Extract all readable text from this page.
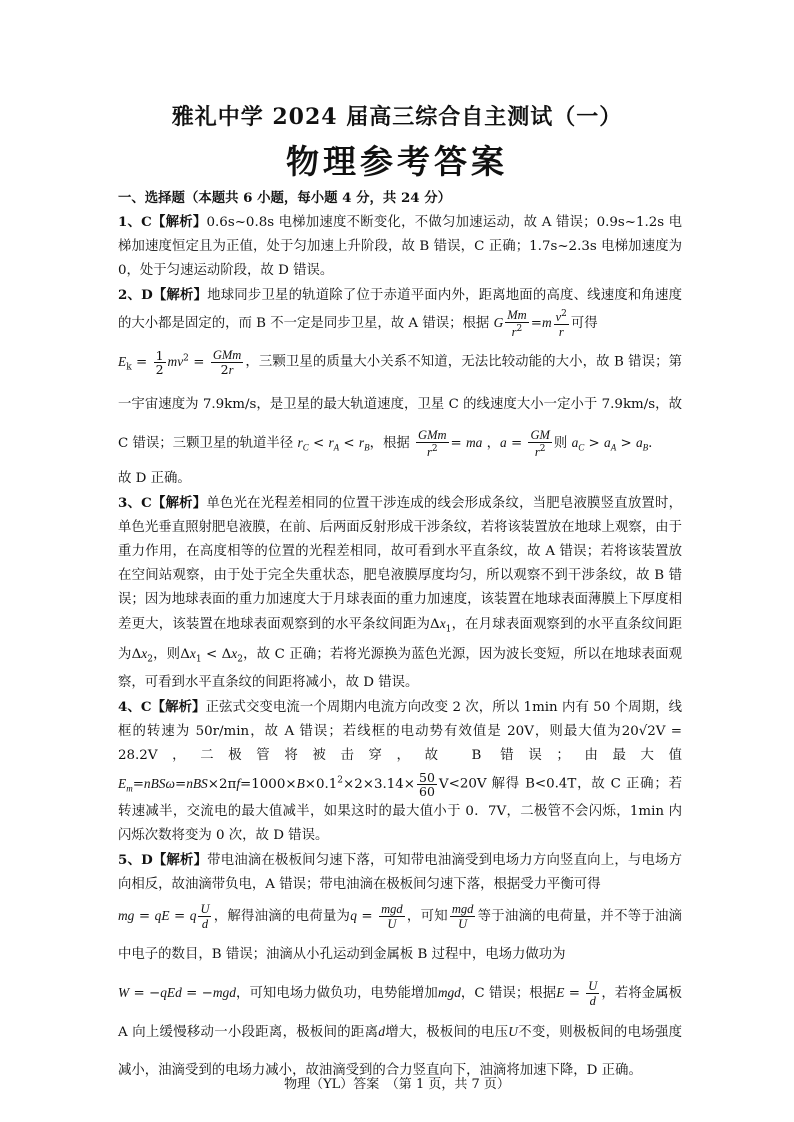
雅礼中学 2024 届高三综合自主测试（一）
物理参考答案

一、选择题（本题共 6 小题，每小题 4 分，共 24 分）

1、C【解析】0.6s~0.8s 电梯加速度不断变化，不做匀加速运动，故 A 错误；0.9s~1.2s 电梯加速度恒定且为正值，处于匀加速上升阶段，故 B 错误，C 正确；1.7s~2.3s 电梯加速度为 0，处于匀速运动阶段，故 D 错误。

2、D【解析】地球同步卫星的轨道除了位于赤道平面内外，距离地面的高度、线速度和角速度的大小都是固定的，而 B 不一定是同步卫星，故 A 错误；根据 G $\frac{Mm}{r^2} =m \frac{v^2}{r}$ 可得

$E_k = \frac{1}{2} mv^2 = \frac{\text{GMm}}{2r}$ ，三颗卫星的质量大小关系不知道，无法比较动能的大小，故 B 错误；第一宇宙速度为 7.9km/s，是卫星的最大轨道速度，卫星 C 的线速度大小一定小于 7.9km/s，故 C 错误；三颗卫星的轨道半径 $r_C < r_A < r_B$，根据 $\frac{\text{GMm}}{r^2}$ = ma ，$a = \frac{GM}{r^2}$ 则 $a_C > a_A > a_B$.

故 D 正确。

3、C【解析】单色光在光程差相同的位置干涉连成的线会形成条纹，当肥皂液膜竖直放置时，单色光垂直照射肥皂液膜，在前、后两面反射形成干涉条纹，若将该装置放在地球上观察，由于重力作用，在高度相等的位置的光程差相同，故可看到水平直条纹，故 A 错误；若将该装置放在空间站观察，由于处于完全失重状态，肥皂液膜厚度均匀，所以观察不到干涉条纹，故 B 错误；因为地球表面的重力加速度大于月球表面的重力加速度，该装置在地球表面薄膜上下厚度相差更大，该装置在地球表面观察到的水平条纹间距为$\Delta x_1$，在月球表面观察到的水平直条纹间距为$\Delta x_2$，则$\Delta x_1 < \Delta x_2$，故 C 正确；若将光源换为蓝色光源，因为波长变短，所以在地球表面观察，可看到水平直条纹的间距将减小，故 D 错误。

4、C【解析】正弦式交变电流一个周期内电流方向改变 2 次，所以 1min 内有 50 个周期，线框的转速为 50r/min，故 A 错误；若线框的电动势有效值是 20V，则最大值为20√2V = 28.2V，二极管将被击穿，故 B 错误；由最大值$E_m=nBS\omega=nBS\times 2\pi f=1000\times B\times 0.1^2\times 2\times 3.14\times \frac{50}{60} V<20V$ 解得 B<0.4T，故 C 正确；若转速减半，交流电的最大值减半，如果这时的最大值小于 0．7V，二极管不会闪烁，1min 内闪烁次数将变为 0 次，故 D 错误。

5、D【解析】带电油滴在极板间匀速下落，可知带电油滴受到电场力方向竖直向上，与电场方向相反，故油滴带负电，A 错误；带电油滴在极板间匀速下落，根据受力平衡可得

mg = qE = q $\frac{U}{d}$ ，解得油滴的电荷量为$q = \frac{\text{mgd}}{U}$ ，可知 $\frac{\text{mgd}}{U}$ 等于油滴的电荷量，并不等于油滴中电子的数目，B 错误；油滴从小孔运动到金属板 B 过程中，电场力做功为

W = −qEd = −mgd，可知电场力做负功，电势能增加mgd，C 错误；根据$E = \frac{U}{d}$ ，若将金属板 A 向上缓慢移动一小段距离，极板间的距离d增大，极板间的电压U不变，则极板间的电场强度减小，油滴受到的电场力减小，故油滴受到的合力竖直向下，油滴将加速下降，D 正确。

物理（YL）答案　（第 1 页，共 7 页）
